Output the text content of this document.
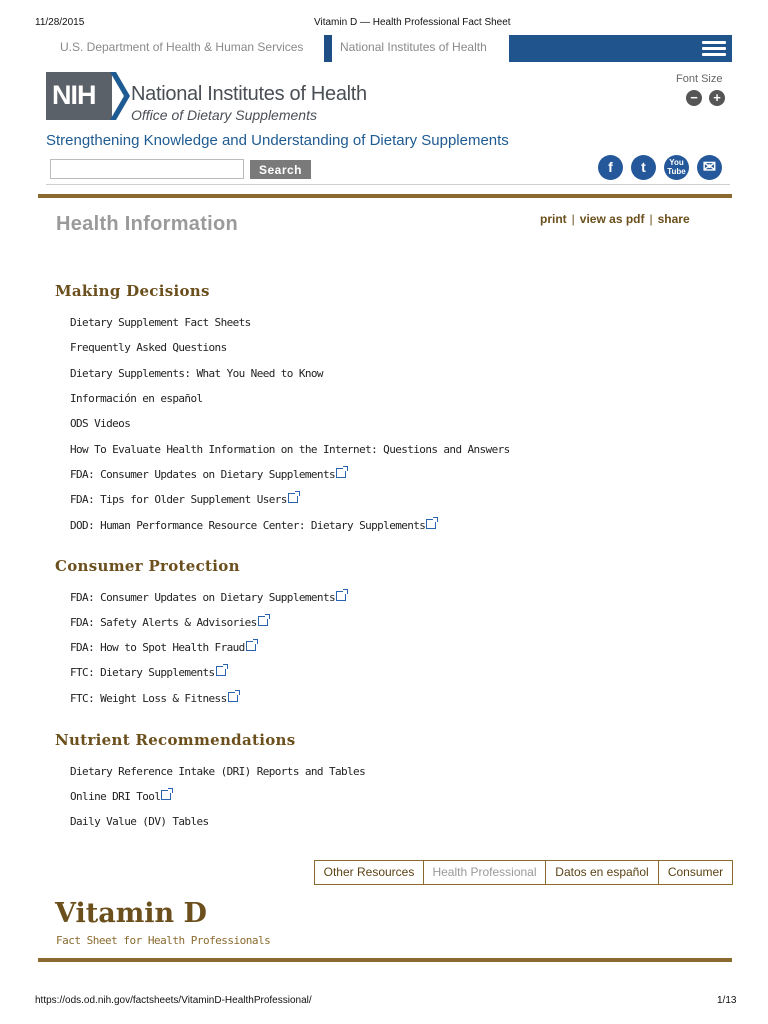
11/28/2015	Vitamin D — Health Professional Fact Sheet
U.S. Department of Health & Human Services	National Institutes of Health
NIH National Institutes of Health
Office of Dietary Supplements
Font Size
−	+
Strengthening Knowledge and Understanding of Dietary Supplements
Search	f	t	You Tube	✉
Health Information	print | view as pdf | share
Making Decisions
Dietary Supplement Fact Sheets
Frequently Asked Questions
Dietary Supplements: What You Need to Know
Información en español
ODS Videos
How To Evaluate Health Information on the Internet: Questions and Answers
FDA: Consumer Updates on Dietary Supplements
FDA: Tips for Older Supplement Users
DOD: Human Performance Resource Center: Dietary Supplements
Consumer Protection
FDA: Consumer Updates on Dietary Supplements
FDA: Safety Alerts & Advisories
FDA: How to Spot Health Fraud
FTC: Dietary Supplements
FTC: Weight Loss & Fitness
Nutrient Recommendations
Dietary Reference Intake (DRI) Reports and Tables
Online DRI Tool
Daily Value (DV) Tables
Other Resources	Health Professional	Datos en español	Consumer
Vitamin D
Fact Sheet for Health Professionals
https://ods.od.nih.gov/factsheets/VitaminD-HealthProfessional/	1/13
